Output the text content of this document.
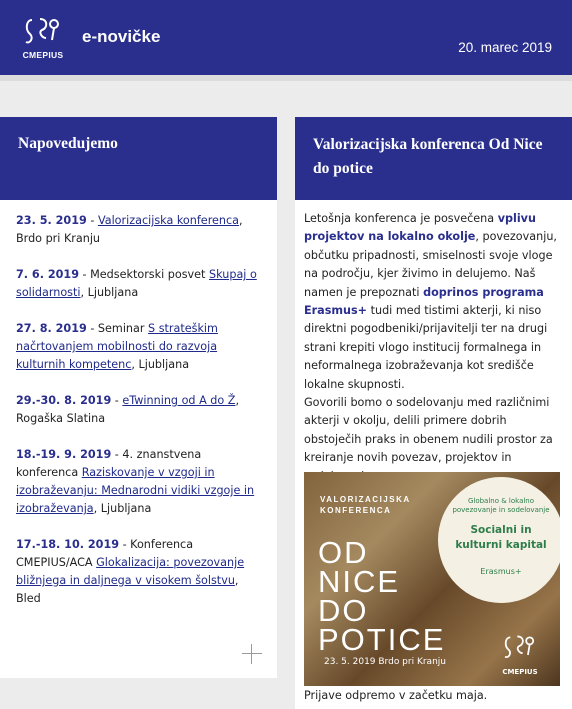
CMEPIUS
e-novičke
20. marec 2019
Napovedujemo
23. 5. 2019 - Valorizacijska konferenca, Brdo pri Kranju
7. 6. 2019 - Medsektorski posvet Skupaj o solidarnosti, Ljubljana
27. 8. 2019 - Seminar S strateškim načrtovanjem mobilnosti do razvoja kulturnih kompetenc, Ljubljana
29.-30. 8. 2019 - eTwinning od A do Ž, Rogaška Slatina
18.-19. 9. 2019 - 4. znanstvena konferenca Raziskovanje v vzgoji in izobraževanju: Mednarodni vidiki vzgoje in izobraževanja, Ljubljana
17.-18. 10. 2019 - Konferenca CMEPIUS/ACA Glokalizacija: povezovanje bližnjega in daljnega v visokem šolstvu, Bled
Valorizacijska konferenca Od Nice do potice
Letošnja konferenca je posvečena vplivu projektov na lokalno okolje, povezovanju, občutku pripadnosti, smiselnosti svoje vloge na področju, kjer živimo in delujemo. Naš namen je prepoznati doprinos programa Erasmus+ tudi med tistimi akterji, ki niso direktni pogodbeniki/prijavitelji ter na drugi strani krepiti vlogo institucij formalnega in neformalnega izobraževanja kot središče lokalne skupnosti.
Govorili bomo o sodelovanju med različnimi akterji v okolju, delili primere dobrih obstoječih praks in obenem nudili prostor za kreiranje novih povezav, projektov in
VALORIZACIJSKA
KONFERENCA
OD
NICE
DO
POTICE
23. 5. 2019 Brdo pri Kranju
Globalno & lokalno povezovanje in sodelovanje
Socialni in kulturni kapital
Erasmus+
CMEPIUS
Prijave odpremo v začetku maja.
